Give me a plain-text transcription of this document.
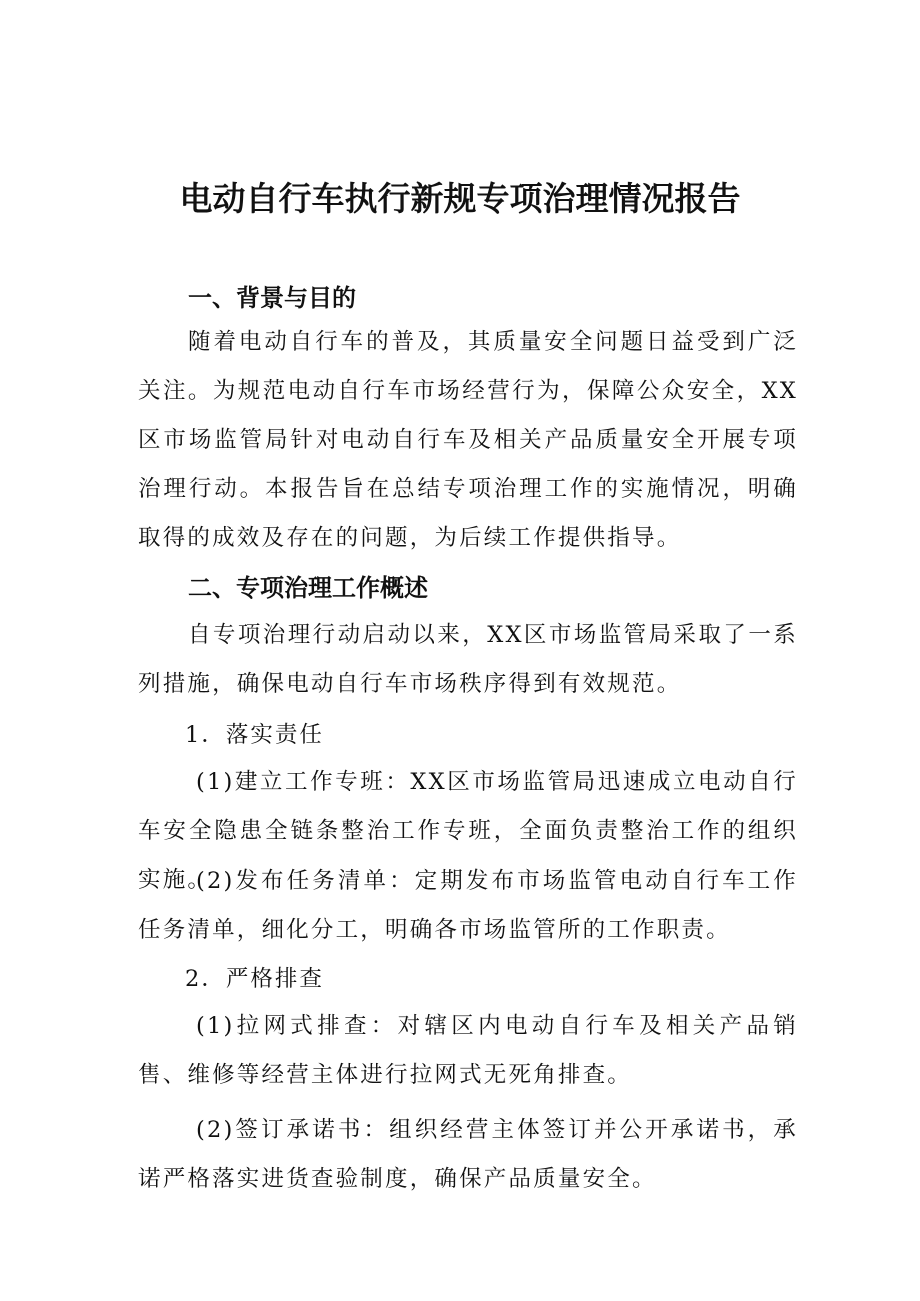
电动自行车执行新规专项治理情况报告
一、背景与目的

随着电动自行车的普及，其质量安全问题日益受到广泛关注。为规范电动自行车市场经营行为，保障公众安全，XX区市场监管局针对电动自行车及相关产品质量安全开展专项治理行动。本报告旨在总结专项治理工作的实施情况，明确取得的成效及存在的问题，为后续工作提供指导。

二、专项治理工作概述

自专项治理行动启动以来，XX区市场监管局采取了一系列措施，确保电动自行车市场秩序得到有效规范。

1．落实责任

(1)建立工作专班：XX区市场监管局迅速成立电动自行车安全隐患全链条整治工作专班，全面负责整治工作的组织实施。

(2)发布任务清单：定期发布市场监管电动自行车工作任务清单，细化分工，明确各市场监管所的工作职责。

2．严格排查

(1)拉网式排查：对辖区内电动自行车及相关产品销售、维修等经营主体进行拉网式无死角排查。

(2)签订承诺书：组织经营主体签订并公开承诺书，承诺严格落实进货查验制度，确保产品质量安全。
